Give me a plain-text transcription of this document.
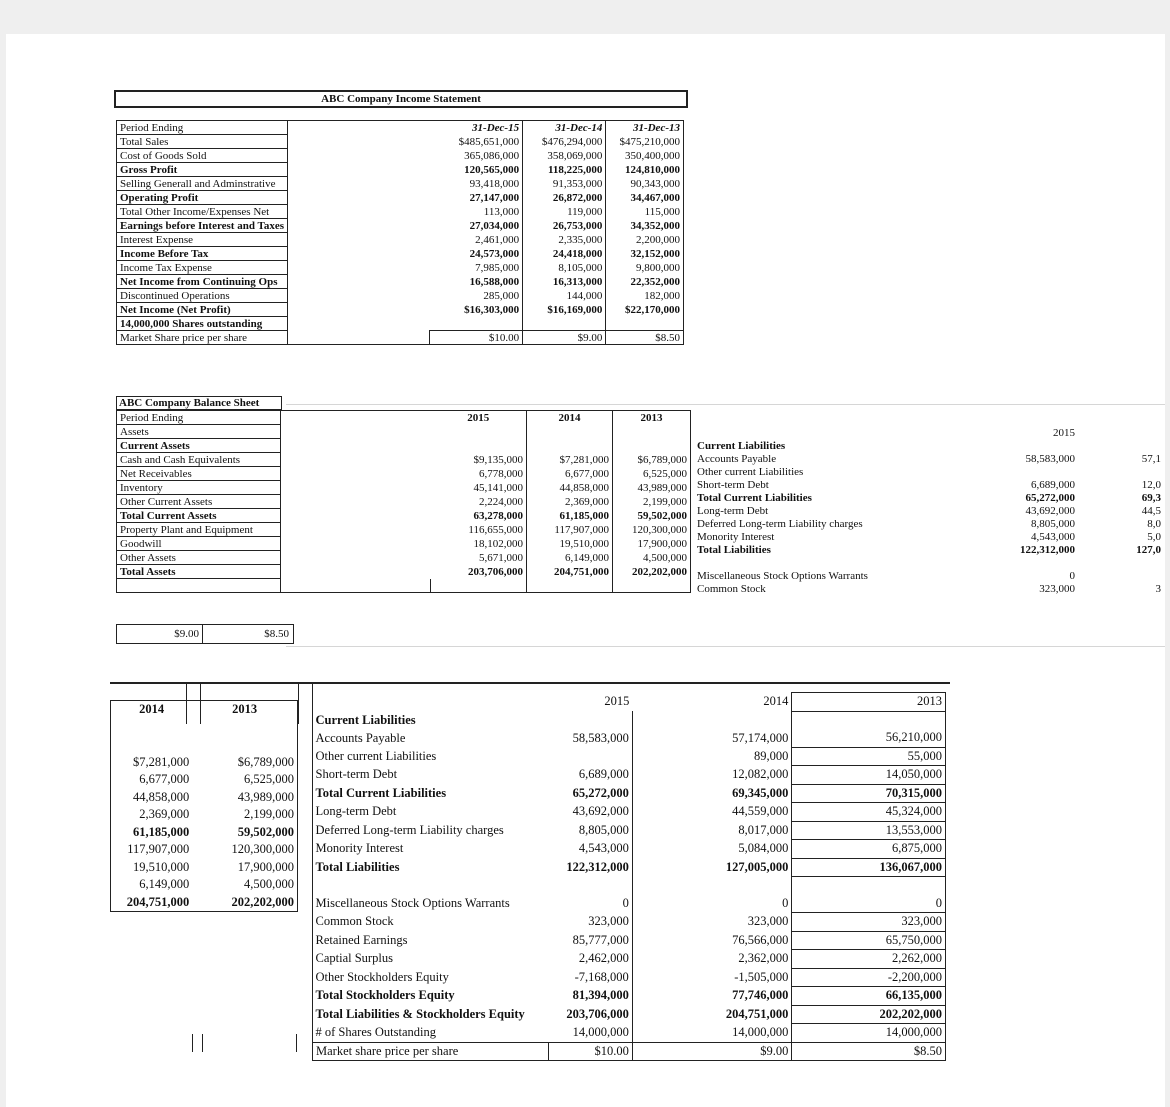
ABC Company Income Statement
Period Ending		31-Dec-15	31-Dec-14	31-Dec-13
Total Sales		$485,651,000	$476,294,000	$475,210,000
Cost of Goods Sold		365,086,000	358,069,000	350,400,000
Gross Profit		120,565,000	118,225,000	124,810,000
Selling Generall and Adminstrative		93,418,000	91,353,000	90,343,000
Operating Profit		27,147,000	26,872,000	34,467,000
Total Other Income/Expenses Net		113,000	119,000	115,000
Earnings before Interest and Taxes		27,034,000	26,753,000	34,352,000
Interest Expense		2,461,000	2,335,000	2,200,000
Income Before Tax		24,573,000	24,418,000	32,152,000
Income Tax Expense		7,985,000	8,105,000	9,800,000
Net Income from Continuing Ops		16,588,000	16,313,000	22,352,000
Discontinued Operations		285,000	144,000	182,000
Net Income (Net Profit)		$16,303,000	$16,169,000	$22,170,000
14,000,000 Shares outstanding				
Market Share price per share		$10.00	$9.00	$8.50
ABC Company Balance Sheet
Period Ending		2015	2014	2013
Assets				
Current Assets				
Cash and Cash Equivalents		$9,135,000	$7,281,000	$6,789,000
Net Receivables		6,778,000	6,677,000	6,525,000
Inventory		45,141,000	44,858,000	43,989,000
Other Current Assets		2,224,000	2,369,000	2,199,000
Total Current Assets		63,278,000	61,185,000	59,502,000
Property Plant and Equipment		116,655,000	117,907,000	120,300,000
Goodwill		18,102,000	19,510,000	17,900,000
Other Assets		5,671,000	6,149,000	4,500,000
Total Assets		203,706,000	204,751,000	202,202,000

		2015	
Current Liabilities			
Accounts Payable		58,583,000	57,1
Other current Liabilities			
Short-term Debt		6,689,000	12,0
Total Current Liabilities		65,272,000	69,3
Long-term Debt		43,692,000	44,5
Deferred Long-term Liability charges		8,805,000	8,0
Monority Interest		4,543,000	5,0
Total Liabilities		122,312,000	127,0

Miscellaneous Stock Options Warrants		0	
Common Stock		323,000	3
$9.00	$8.50
2014	2013

$7,281,000	$6,789,000
6,677,000	6,525,000
44,858,000	43,989,000
2,369,000	2,199,000
61,185,000	59,502,000
117,907,000	120,300,000
19,510,000	17,900,000
6,149,000	4,500,000
204,751,000	202,202,000
	2015	2014	2013
Current Liabilities			
Accounts Payable	58,583,000	57,174,000	56,210,000
Other current Liabilities		89,000	55,000
Short-term Debt	6,689,000	12,082,000	14,050,000
Total Current Liabilities	65,272,000	69,345,000	70,315,000
Long-term Debt	43,692,000	44,559,000	45,324,000
Deferred Long-term Liability charges	8,805,000	8,017,000	13,553,000
Monority Interest	4,543,000	5,084,000	6,875,000
Total Liabilities	122,312,000	127,005,000	136,067,000

Miscellaneous Stock Options Warrants	0	0	0
Common Stock	323,000	323,000	323,000
Retained Earnings	85,777,000	76,566,000	65,750,000
Captial Surplus	2,462,000	2,362,000	2,262,000
Other Stockholders Equity	-7,168,000	-1,505,000	-2,200,000
Total Stockholders Equity	81,394,000	77,746,000	66,135,000
Total Liabilities & Stockholders Equity	203,706,000	204,751,000	202,202,000
# of Shares Outstanding	14,000,000	14,000,000	14,000,000
Market share price per share	$10.00	$9.00	$8.50
